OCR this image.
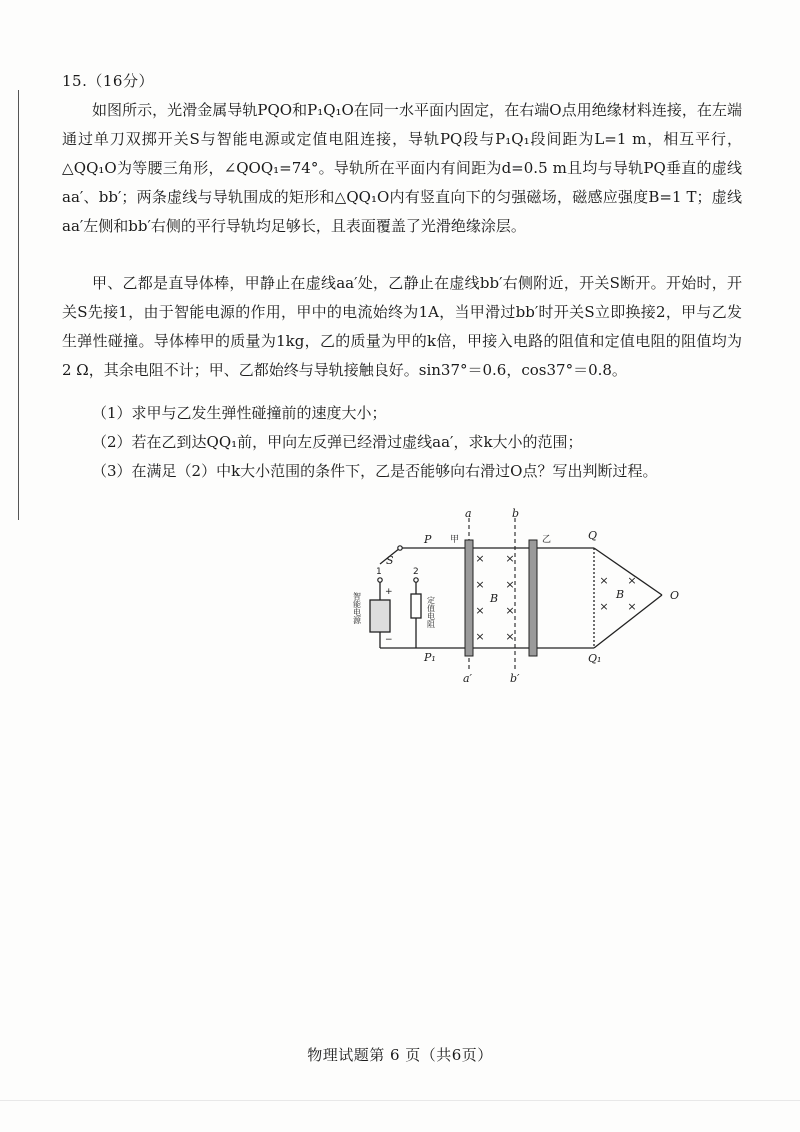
15.（16分）
如图所示，光滑金属导轨PQO和P₁Q₁O在同一水平面内固定，在右端O点用绝缘材料连接，在左端通过单刀双掷开关S与智能电源或定值电阻连接，导轨PQ段与P₁Q₁段间距为L=1 m，相互平行，△QQ₁O为等腰三角形，∠QOQ₁=74°。导轨所在平面内有间距为d=0.5 m且均与导轨PQ垂直的虚线aa′、bb′；两条虚线与导轨围成的矩形和△QQ₁O内有竖直向下的匀强磁场，磁感应强度B=1 T；虚线aa′左侧和bb′右侧的平行导轨均足够长，且表面覆盖了光滑绝缘涂层。
甲、乙都是直导体棒，甲静止在虚线aa′处，乙静止在虚线bb′右侧附近，开关S断开。开始时，开关S先接1，由于智能电源的作用，甲中的电流始终为1A，当甲滑过bb′时开关S立即换接2，甲与乙发生弹性碰撞。导体棒甲的质量为1kg，乙的质量为甲的k倍，甲接入电路的阻值和定值电阻的阻值均为 2 Ω，其余电阻不计；甲、乙都始终与导轨接触良好。sin37°＝0.6，cos37°＝0.8。
（1）求甲与乙发生弹性碰撞前的速度大小；
（2）若在乙到达QQ₁前，甲向左反弹已经滑过虚线aa′，求k大小的范围；
（3）在满足（2）中k大小范围的条件下，乙是否能够向右滑过O点？写出判断过程。
× ×
× ×
× ×
× ×
× ×
× ×
a	b
a′	b′
P
P₁
Q
Q₁
O
S
B	B
1	2
+
−
甲	乙
智能电源	定值电阻
物理试题第 6 页（共6页）
